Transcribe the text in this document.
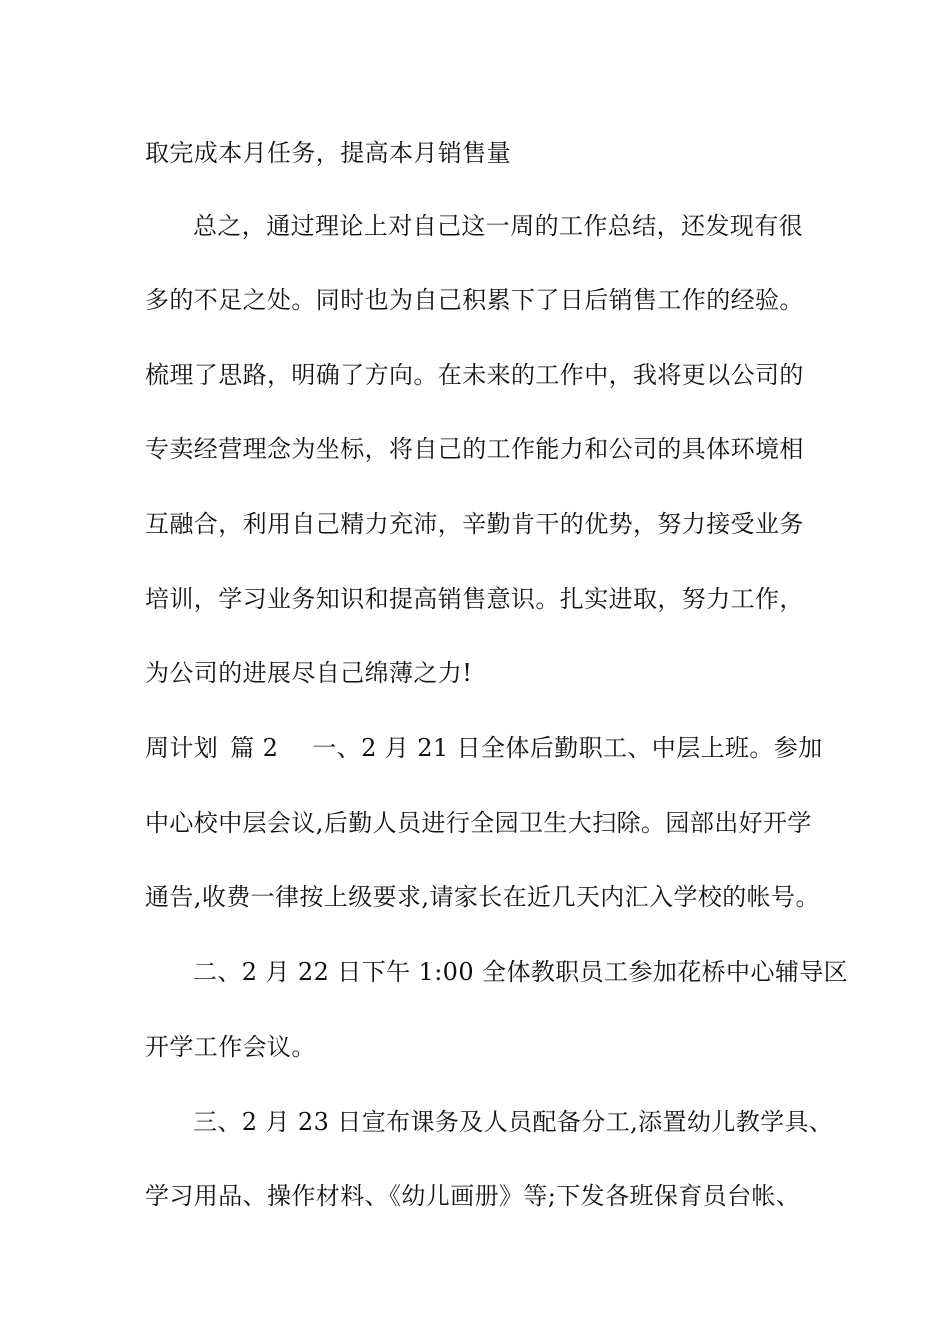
取完成本月任务，提高本月销售量
总之，通过理论上对自己这一周的工作总结，还发现有很
多的不足之处。同时也为自己积累下了日后销售工作的经验。
梳理了思路，明确了方向。在未来的工作中，我将更以公司的
专卖经营理念为坐标，将自己的工作能力和公司的具体环境相
互融合，利用自己精力充沛，辛勤肯干的优势，努力接受业务
培训，学习业务知识和提高销售意识。扎实进取，努力工作，
为公司的进展尽自己绵薄之力!
周计划 篇 2 一、2 月 21 日全体后勤职工、中层上班。参加
中心校中层会议,后勤人员进行全园卫生大扫除。园部出好开学
通告,收费一律按上级要求,请家长在近几天内汇入学校的帐号。
二、2 月 22 日下午 1:00 全体教职员工参加花桥中心辅导区
开学工作会议。
三、2 月 23 日宣布课务及人员配备分工,添置幼儿教学具、
学习用品、操作材料、《幼儿画册》等;下发各班保育员台帐、
